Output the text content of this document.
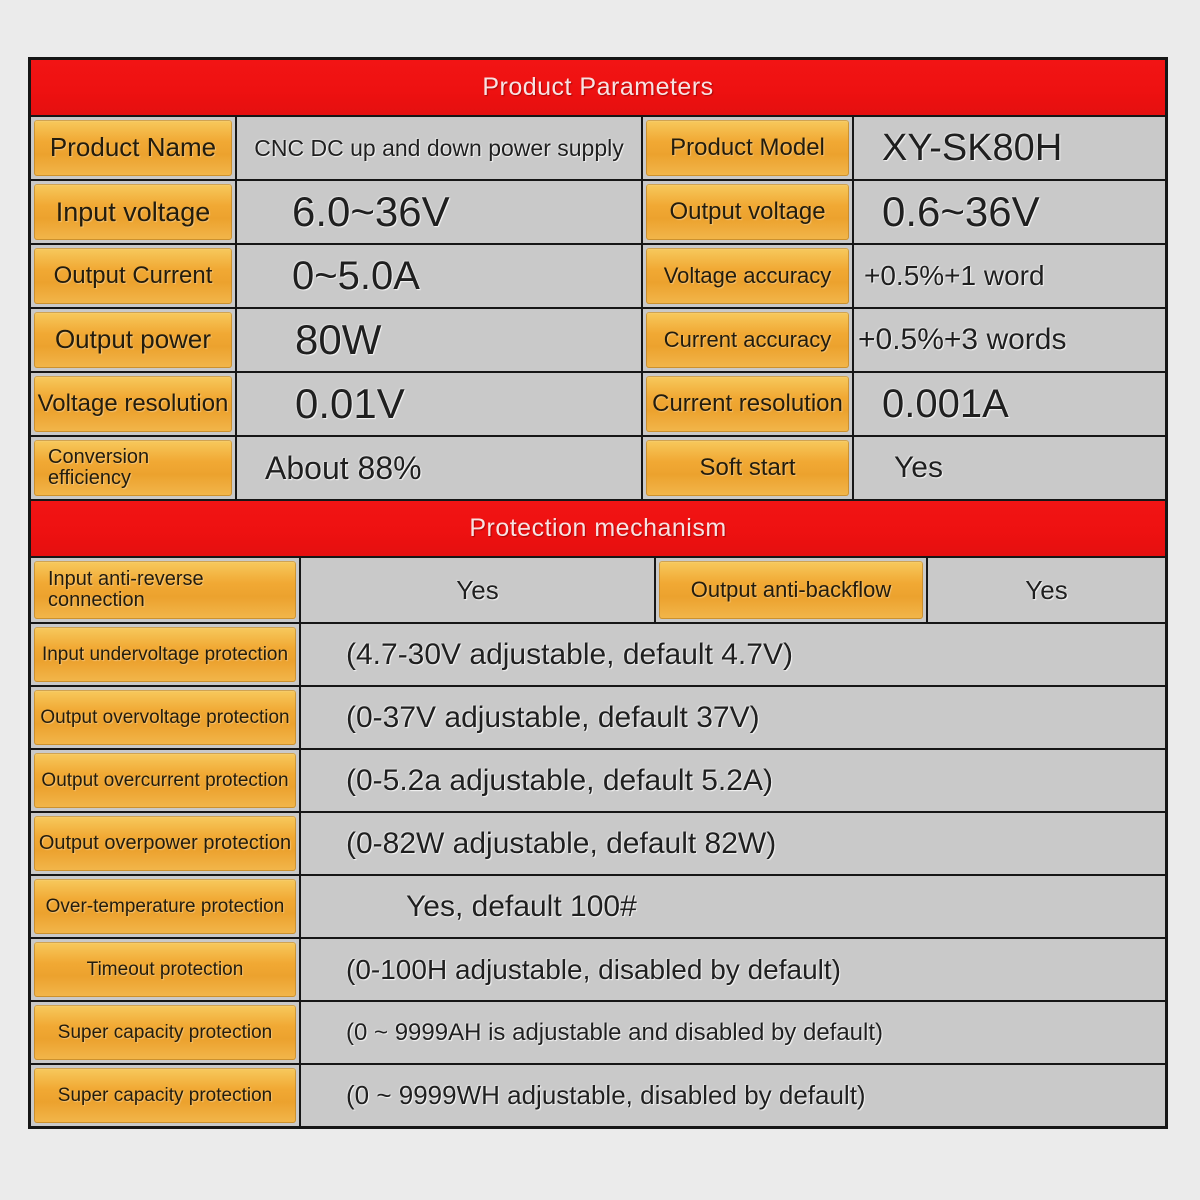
Product Parameters
Product Name	CNC DC up and down power supply	Product Model	XY-SK80H
Input voltage	6.0~36V	Output voltage	0.6~36V
Output Current	0~5.0A	Voltage accuracy	+0.5%+1 word
Output power	80W	Current accuracy +0.5%+3 words
Voltage resolution	0.01V	Current resolution 0.001A
Conversion efficiency	About 88%	Soft start	Yes
Protection mechanism
Input anti-reverse connection	Yes	Output anti-backflow	Yes
Input undervoltage protection	(4.7-30V adjustable, default 4.7V)
Output overvoltage protection	(0-37V adjustable, default 37V)
Output overcurrent protection	(0-5.2a adjustable, default 5.2A)
Output overpower protection	(0-82W adjustable, default 82W)
Over-temperature protection	Yes, default 100#
Timeout protection	(0-100H adjustable, disabled by default)
Super capacity protection	(0 ~ 9999AH is adjustable and disabled by default)
Super capacity protection	(0 ~ 9999WH adjustable, disabled by default)
